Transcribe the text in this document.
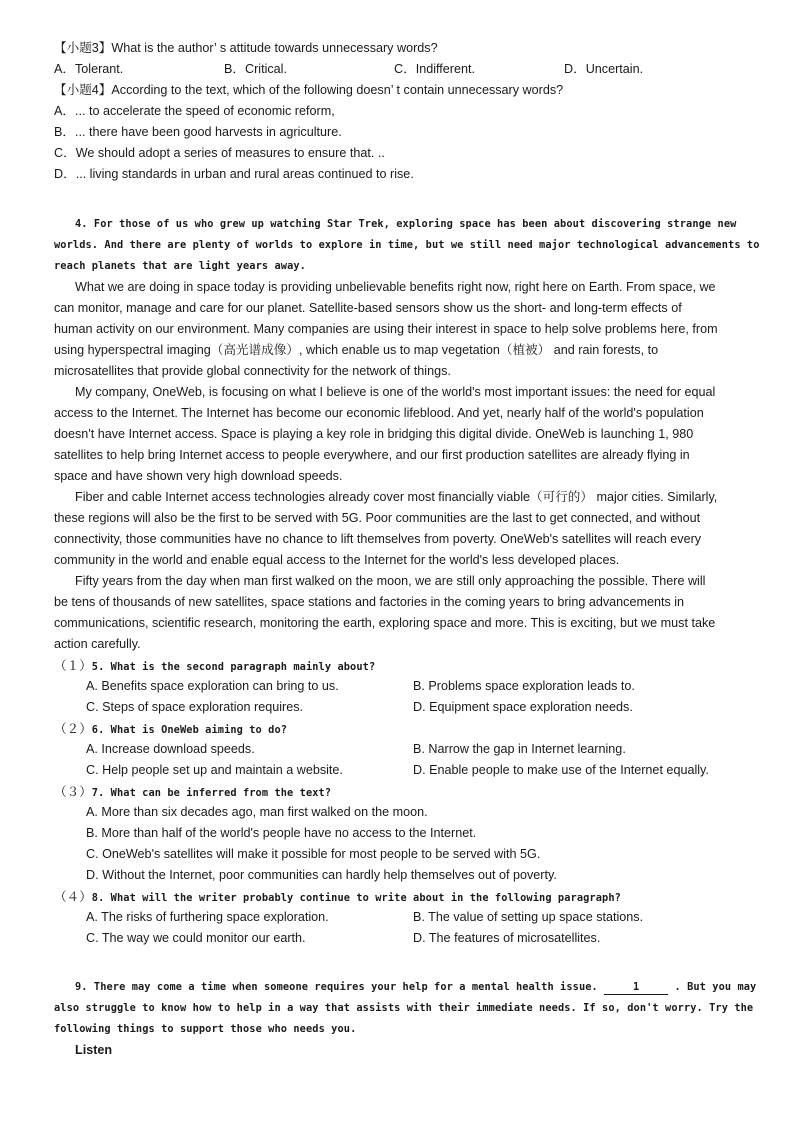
【小题3】What is the author’ s attitude towards unnecessary words?
A．Tolerant.	B．Critical.	C．Indifferent.	D．Uncertain.
【小题4】According to the text, which of the following doesn’ t contain unnecessary words?
A．... to accelerate the speed of economic reform,
B．... there have been good harvests in agriculture.
C．We should adopt a series of measures to ensure that. ..
D．... living standards in urban and rural areas continued to rise.
4. For those of us who grew up watching Star Trek, exploring space has been about discovering strange new
worlds. And there are plenty of worlds to explore in time, but we still need major technological advancements to
reach planets that are light years away.
What we are doing in space today is providing unbelievable benefits right now, right here on Earth. From space, we
can monitor, manage and care for our planet. Satellite-based sensors show us the short- and long-term effects of
human activity on our environment. Many companies are using their interest in space to help solve problems here, from
using hyperspectral imaging（高光谱成像）, which enable us to map vegetation（植被） and rain forests, to
microsatellites that provide global connectivity for the network of things.
My company, OneWeb, is focusing on what I believe is one of the world's most important issues: the need for equal
access to the Internet. The Internet has become our economic lifeblood. And yet, nearly half of the world's population
doesn't have Internet access. Space is playing a key role in bridging this digital divide. OneWeb is launching 1, 980
satellites to help bring Internet access to people everywhere, and our first production satellites are already flying in
space and have shown very high download speeds.
Fiber and cable Internet access technologies already cover most financially viable（可行的） major cities. Similarly,
these regions will also be the first to be served with 5G. Poor communities are the last to get connected, and without
connectivity, those communities have no chance to lift themselves from poverty. OneWeb's satellites will reach every
community in the world and enable equal access to the Internet for the world's less developed places.
Fifty years from the day when man first walked on the moon, we are still only approaching the possible. There will
be tens of thousands of new satellites, space stations and factories in the coming years to bring advancements in
communications, scientific research, monitoring the earth, exploring space and more. This is exciting, but we must take
action carefully.
（１）5. What is the second paragraph mainly about?
A. Benefits space exploration can bring to us.	B. Problems space exploration leads to.
C. Steps of space exploration requires.	D. Equipment space exploration needs.
（２）6. What is OneWeb aiming to do?
A. Increase download speeds.	B. Narrow the gap in Internet learning.
C. Help people set up and maintain a website.	D. Enable people to make use of the Internet equally.
（３）7. What can be inferred from the text?
A. More than six decades ago, man first walked on the moon.
B. More than half of the world's people have no access to the Internet.
C. OneWeb's satellites will make it possible for most people to be served with 5G.
D. Without the Internet, poor communities can hardly help themselves out of poverty.
（４）8. What will the writer probably continue to write about in the following paragraph?
A. The risks of furthering space exploration.	B. The value of setting up space stations.
C. The way we could monitor our earth.	D. The features of microsatellites.
9. There may come a time when someone requires your help for a mental health issue.	1	. But you may
also struggle to know how to help in a way that assists with their immediate needs. If so, don't worry. Try the
following things to support those who needs you.
Listen
